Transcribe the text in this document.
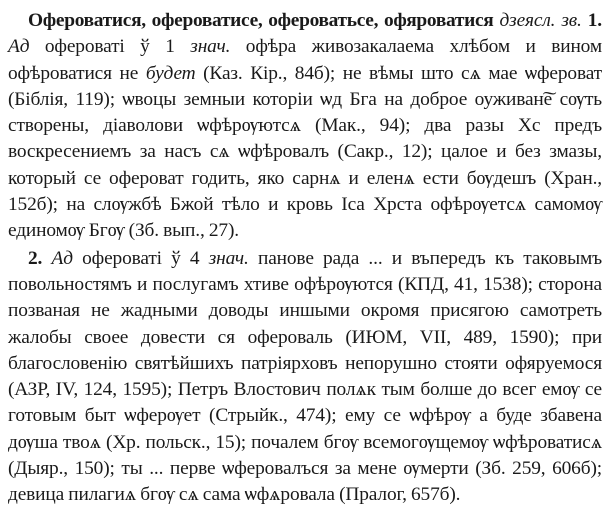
Офероватися, офероватисе, офероватьсе, офяроватися дзеясл. зв. 1. Ад офероватi ў 1 знач. офѣра живозакалаема хлѣбом и вином офѣроватися не будет (Каз. Кір., 84б); не вѣмы што сѧ мае ѡфероват (Біблія, 119); ѡвоцы земныи которіи ѡд Бга на доброе оуживан͠е сѹть створены, діаволови ѡфѣрѹютсѧ (Мак., 94); два разы Хс предъ воскресениемъ за насъ сѧ ѡфѣровалъ (Сакр., 12); цалое и без змазы, который се офероват годить, яко сарнѧ и еленѧ ести бѹдешъ (Хран., 152б); на слѹжбѣ Бжой тѣло и кровь Іса Хрста офѣрѹетсѧ самомѹ единомѹ Бгѹ (Зб. вып., 27).

2. Ад офероватi ў 4 знач. панове рада ... и въпередъ къ таковымъ повольностямъ и послугамъ хтиве офѣрѹются (КПД, 41, 1538); сторона позваная не жадными доводы иншыми окромя присягою самотреть жалобы своее довести ся офероваль (ИЮМ, VII, 489, 1590); при благословенію святѣйшихъ патріярховъ непорушно стояти офяруемося (АЗР, IV, 124, 1595); Петръ Влостович полѧк тым болше до всег емѹ се готовым быт ѡферѹет (Стрыйк., 474); ему се ѡфѣрѹ а буде збавена дѹша твоѧ (Хр. польск., 15); почалем бгѹ всемогѹщемѹ ѡфѣроватисѧ (Дыяр., 150); ты ... перве ѡферовалъся за мене ѹмерти (Зб. 259, 606б); девица пилагиѧ бгѹ сѧ сама ѡфѧровала (Пралог, 657б).
